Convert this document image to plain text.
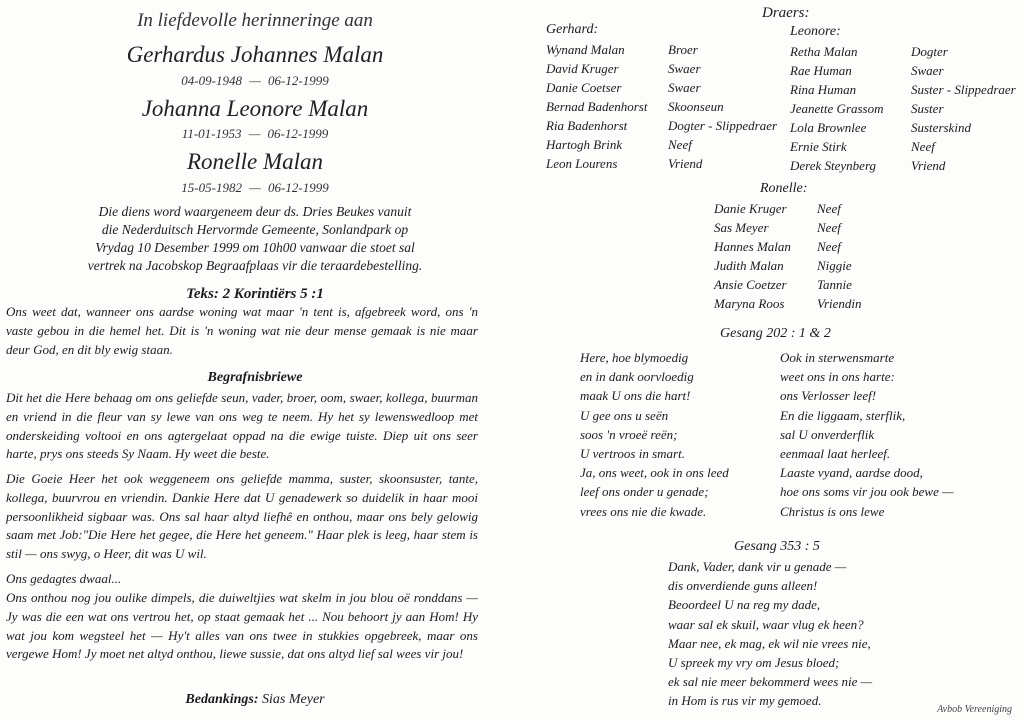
In liefdevolle herinneringe aan
Gerhardus Johannes Malan
04-09-1948 — 06-12-1999
Johanna Leonore Malan
11-01-1953 — 06-12-1999
Ronelle Malan
15-05-1982 — 06-12-1999
Die diens word waargeneem deur ds. Dries Beukes vanuit
die Nederduitsch Hervormde Gemeente, Sonlandpark op
Vrydag 10 Desember 1999 om 10h00 vanwaar die stoet sal
vertrek na Jacobskop Begraafplaas vir die teraardebestelling.
Teks: 2 Korintiërs 5 :1
Ons weet dat, wanneer ons aardse woning wat maar 'n tent is, afgebreek word, ons 'n vaste gebou in die hemel het. Dit is 'n woning wat nie deur mense gemaak is nie maar deur God, en dit bly ewig staan.
Begrafnisbriewe
Dit het die Here behaag om ons geliefde seun, vader, broer, oom, swaer, kollega, buurman en vriend in die fleur van sy lewe van ons weg te neem. Hy het sy lewenswedloop met onderskeiding voltooi en ons agtergelaat oppad na die ewige tuiste. Diep uit ons seer harte, prys ons steeds Sy Naam. Hy weet die beste.
Die Goeie Heer het ook weggeneem ons geliefde mamma, suster, skoonsuster, tante, kollega, buurvrou en vriendin. Dankie Here dat U genadewerk so duidelik in haar mooi persoonlikheid sigbaar was. Ons sal haar altyd liefhê en onthou, maar ons bely gelowig saam met Job:"Die Here het gegee, die Here het geneem." Haar plek is leeg, haar stem is stil — ons swyg, o Heer, dit was U wil.
Ons gedagtes dwaal...
Ons onthou nog jou oulike dimpels, die duiweltjies wat skelm in jou blou oë ronddans — Jy was die een wat ons vertrou het, op staat gemaak het ... Nou behoort jy aan Hom! Hy wat jou kom wegsteel het — Hy't alles van ons twee in stukkies opgebreek, maar ons vergewe Hom! Jy moet net altyd onthou, liewe sussie, dat ons altyd lief sal wees vir jou!
Bedankings: Sias Meyer
Draers:
Gerhard:
Wynand Malan	Broer
David Kruger	Swaer
Danie Coetser	Swaer
Bernad Badenhorst Skoonseun
Ria Badenhorst	Dogter - Slippedraer
Hartogh Brink	Neef
Leon Lourens	Vriend
Leonore:
Retha Malan	Dogter
Rae Human	Swaer
Rina Human	Suster - Slippedraer
Jeanette Grassom Suster
Lola Brownlee	Susterskind
Ernie Stirk	Neef
Derek Steynberg	Vriend
Ronelle:
Danie Kruger Neef
Sas Meyer	Neef
Hannes Malan Neef
Judith Malan	Niggie
Ansie Coetzer Tannie
Maryna Roos	Vriendin
Gesang 202 : 1 & 2
Here, hoe blymoedig
en in dank oorvloedig
maak U ons die hart!
U gee ons u seën
soos 'n vroeë reën;
U vertroos in smart.
Ja, ons weet, ook in ons leed
leef ons onder u genade;
vrees ons nie die kwade.
Ook in sterwensmarte
weet ons in ons harte:
ons Verlosser leef!
En die liggaam, sterflik,
sal U onverderflik
eenmaal laat herleef.
Laaste vyand, aardse dood,
hoe ons soms vir jou ook bewe —
Christus is ons lewe
Gesang 353 : 5
Dank, Vader, dank vir u genade —
dis onverdiende guns alleen!
Beoordeel U na reg my dade,
waar sal ek skuil, waar vlug ek heen?
Maar nee, ek mag, ek wil nie vrees nie,
U spreek my vry om Jesus bloed;
ek sal nie meer bekommerd wees nie —
in Hom is rus vir my gemoed.
Avbob Vereeniging
